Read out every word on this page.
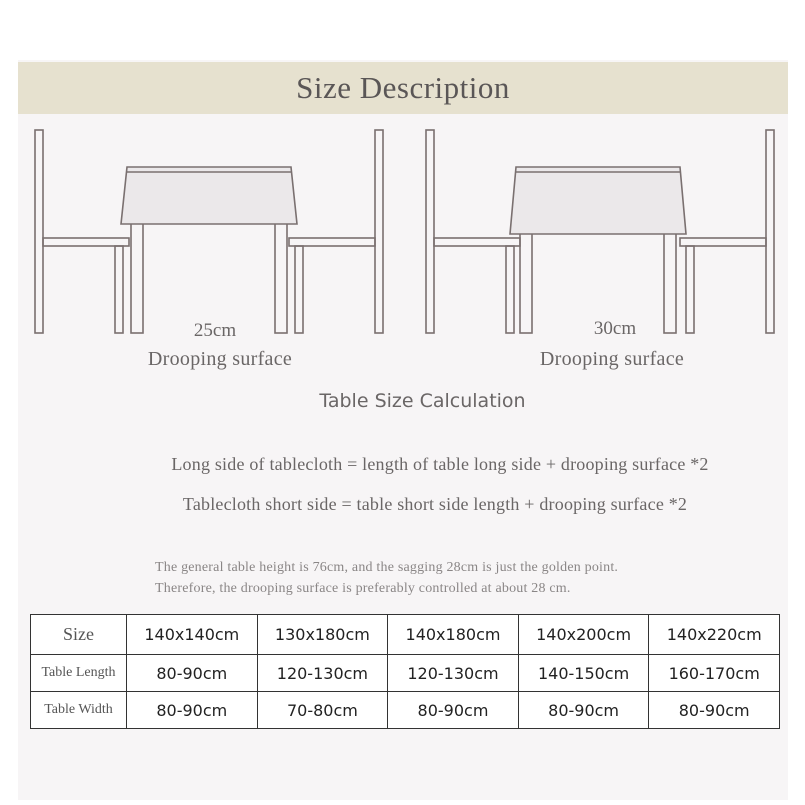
Size Description
25cm
Drooping surface
30cm
Drooping surface
Table Size Calculation
Long side of tablecloth = length of table long side + drooping surface *2
Tablecloth short side = table short side length + drooping surface *2
The general table height is 76cm, and the sagging 28cm is just the golden point.
Therefore, the drooping surface is preferably controlled at about 28 cm.
Size	140x140cm	130x180cm	140x180cm	140x200cm	140x220cm
Table Length	80-90cm	120-130cm	120-130cm	140-150cm	160-170cm
Table Width	80-90cm	70-80cm	80-90cm	80-90cm	80-90cm
